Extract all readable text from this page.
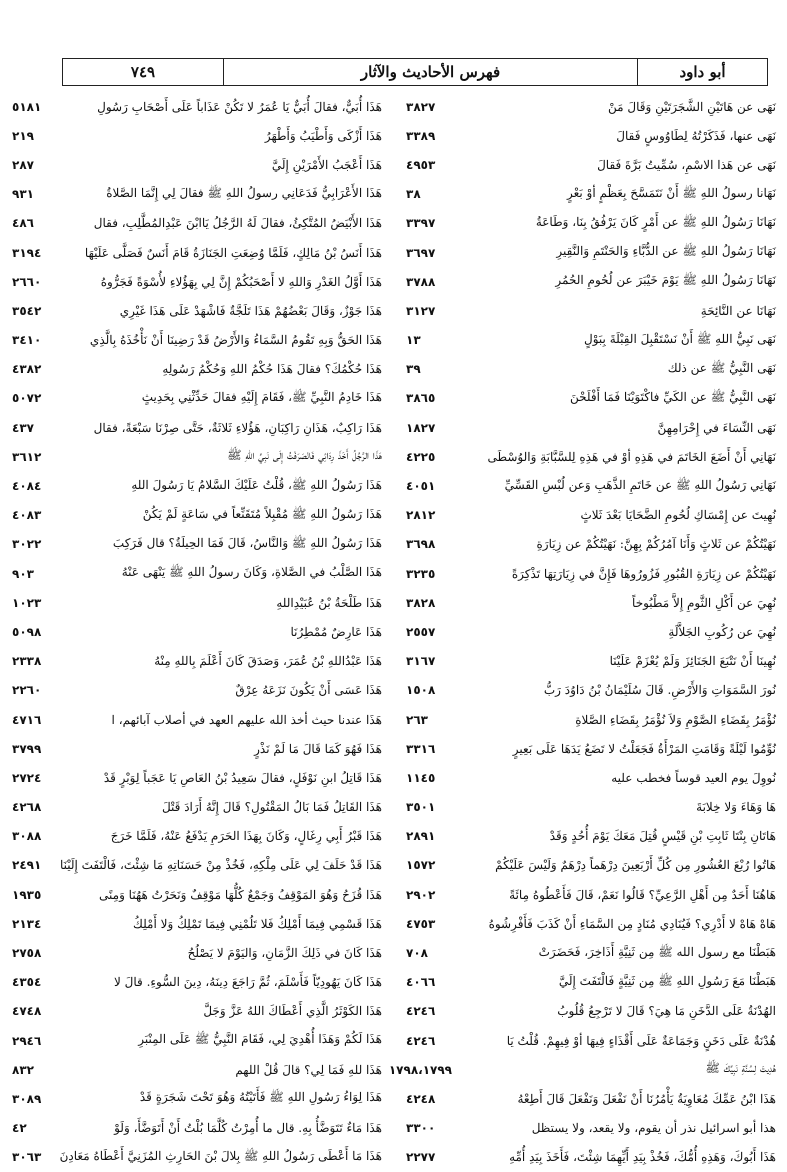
أبو داود
فهرس الأحاديث والآثار
٧٤٩
نَهَى عن هَاتَيْنِ الشَّجَرَتَيْنِ وَقَالَ مَنْ
٣٨٢٧
نَهَى عنها، فَذَكَرْتُهُ لِطَاوُوسٍ فَقالَ
٣٣٨٩
نَهَى عن هَذا الاسْمِ، سُمِّيتُ بَرَّةَ فَقالَ
٤٩٥٣
نَهَانا رسولُ اللهِ ﷺ أَنْ نَتَمَسَّحَ بِعَظْمٍ أوْ بَعْرٍ
٣٨
نَهَانَا رَسُولُ اللهِ ﷺ عن أَمْرٍ كَانَ يَرْفُقُ بِنَا، وَطَاعَةُ
٣٣٩٧
نَهَانَا رَسُولُ اللهِ ﷺ عن الدُّبَّاءِ وَالحَنْتَمِ وَالنَّقِيرِ
٣٦٩٧
نَهَانَا رَسُولُ اللهِ ﷺ يَوْمَ خَيْبَرَ عن لُحُومِ الحُمُرِ
٣٧٨٨
نَهَانَا عن النَّائِحَةِ
٣١٢٧
نَهَى نَبِيُّ اللهِ ﷺ أَنْ نَسْتَقْبِلَ القِبْلَةَ بِبَوْلٍ
١٣
نَهَى النَّبِيُّ ﷺ عن ذلك
٣٩
نَهَى النَّبِيُّ ﷺ عن الكَيِّ فاكْتَوَيْنَا فَمَا أَفْلَحْنَ
٣٨٦٥
نَهَى النِّسَاءَ في إِحْرَامِهِنَّ
١٨٢٧
نَهَانِي أَنْ أَضَعَ الخَاتَمَ في هَذِهِ أوْ في هَذِهِ لِلسَّبَّابَةِ وَالوُسْطَى
٤٢٢٥
نَهَانِي رَسُولُ اللهِ ﷺ عن خَاتَمِ الذَّهَبِ وَعن لُبْسِ القَسِّيِّ
٤٠٥١
نُهِيتَ عن إِمْسَاكِ لُحُومِ الضَّحَايَا بَعْدَ ثَلاثٍ
٢٨١٢
نَهَيْتُكُمْ عن ثَلاثٍ وَأَنَا آمُرُكُمْ بِهِنَّ: نَهَيْتُكُمْ عن زِيَارَةِ
٣٦٩٨
نَهَيْتُكُمْ عن زِيَارَةِ القُبُورِ فَزُورُوهَا فَإِنَّ في زِيَارَتِهَا تَذْكِرَةً
٣٢٣٥
نُهِيَ عن أَكْلِ الثَّومِ إِلاَّ مَطْبُوخاً
٣٨٢٨
نُهِيَ عن رُكُوبِ الجَلاَّلَةِ
٢٥٥٧
نُهِينَا أَنْ نَتْبَعَ الجَنَائِزَ وَلَمْ يُعْزَمْ عَلَيْنَا
٣١٦٧
نُورَ السَّمَوَاتِ وَالأَرْضِ. قَالَ سُلَيْمَانُ بْنُ دَاوُدَ رَبُّ
١٥٠٨
نُؤْمَرُ بِقَضَاءِ الصَّوْمِ وَلاَ نُؤْمَرُ بِقَضَاءِ الصَّلاةِ
٢٦٣
نُوِّمُوا لَيْلَةً وَقَامَتِ المَرْأَةُ فَجَعَلْتُ لا تَضَعُ يَدَهَا عَلَى بَعِيرٍ
٣٣١٦
نُووِلَ يوم العيد قوساً فخطب عليه
١١٤٥
هَا وَهَاءَ وَلا خِلابَةَ
٣٥٠١
هَاتَانِ بِنْتَا ثَابِتِ بْنِ قَيْسٍ قُتِلَ مَعَكَ يَوْمَ أُحُدٍ وَقَدْ
٢٨٩١
هَاتُوا رُبْعَ العُشُورِ مِن كُلِّ أَرْبَعِينَ دِرْهَماً دِرْهَمٌ وَلَيْسَ عَلَيْكُمْ
١٥٧٢
هَاهُنَا أَحَدٌ مِن أَهْلِ الرَّعِيِّ؟ قَالُوا نَعَمْ، قَالَ فَأَعْطُوهُ مِائَةً
٢٩٠٢
هَاهْ هَاهْ لا أَدْرِي؟ فَيُنَادِي مُنَادٍ مِن السَّمَاءِ أَنْ كَذَبَ فَأَفْرِشُوهُ
٤٧٥٣
هَبَطْنَا مع رسول الله ﷺ مِن ثَنِيَّةِ أَذَاخِرَ، فَحَضَرَتْ
٧٠٨
هَبَطْنَا مَعَ رَسُولِ اللهِ ﷺ مِن ثَنِيَّةٍ فَالْتَفَتَ إِلَيَّ
٤٠٦٦
الهُدْنَةُ عَلَى الدَّخَنِ مَا هِيَ؟ قَالَ لا تَرْجِعُ قُلُوبُ
٤٢٤٦
هُدْنَةٌ عَلَى دَخَنٍ وَجَمَاعَةٌ عَلَى أَقْذَاءٍ فِيهَا أوْ فِيهِمْ. قُلْتُ يَا
٤٢٤٦
هُدِيتَ لِسُنَّةِ نَبِيِّكَ ﷺ
١٧٩٨،١٧٩٩
هَذَا ابْنُ عَمِّكَ مُعَاوِيَةُ يَأْمُرُنَا أَنْ نَفْعَلَ وَنَفْعَلَ قَالَ أَطِعْهُ
٤٢٤٨
هذا أبو اسرائيل نذر أن يقوم، ولا يقعد، ولا يستظل
٣٣٠٠
هَذَا أَبُوكَ، وَهَذِهِ أُمُّكَ، فَخُذْ بِيَدِ أَيِّهِمَا شِئْتَ، فَأَخَذَ بِيَدِ أُمِّهِ
٢٢٧٧
هَذَا أُبَيٌّ، فقالَ أُبَيٌّ يَا عُمَرُ لا تَكُنْ عَذَاباً عَلَى أَصْحَابِ رَسُولِ
٥١٨١
هَذَا أَزْكَى وَأَطْيَبُ وَأَطْهَرُ
٢١٩
هَذَا أَعْجَبُ الأَمْرَيْنِ إِلَيَّ
٢٨٧
هَذَا الأَعْرَابِيُّ فَدَعَانِي رسولُ اللهِ ﷺ فقالَ لِي إِنَّمَا الصَّلاةُ
٩٣١
هَذَا الأَبْيَضُ المُتَّكِئُ، فقالَ لَهُ الرَّجُلُ يَاابْنَ عَبْدِالمُطَّلِبِ، فقال
٤٨٦
هَذَا أَنَسُ بْنُ مَالِكٍ، فَلَمَّا وُضِعَتِ الجَنَازَةُ قَامَ أَنَسٌ فَصَلَّى عَلَيْهَا
٣١٩٤
هَذَا أَوَّلُ الغَدْرِ وَاللهِ لا أَصْحَبُكُمْ إِنَّ لِي بِهَؤُلاءِ لأُسْوَةً فَجَرُّوهُ
٢٦٦٠
هَذَا جَوْزٌ، وَقَالَ بَعْضُهُمْ هَذَا تَلَجَّةٌ فَاشْهَدْ عَلَى هَذَا غَيْرِي
٣٥٤٢
هَذَا الحَقُّ وَبِهِ تَقُومُ السَّمَاءُ وَالأَرْضُ قَدْ رَضِينَا أَنْ نَأْخُذَهُ بِالَّذِي
٣٤١٠
هَذَا حُكْمُكَ؟ فقالَ هَذَا حُكْمُ اللهِ وَحُكْمُ رَسُولِهِ
٤٣٨٢
هَذَا خَادِمُ النَّبِيِّ ﷺ، فَقَامَ إِلَيْهِ فقالَ حَدِّثْنِي بِحَدِيثٍ
٥٠٧٢
هَذَا رَاكِبٌ، هَذَانِ رَاكِبَانِ، هَؤُلاءِ ثَلاثَةٌ، حَتَّى صِرْنَا سَبْعَةً، فقال
٤٣٧
هَذَا الرَّجُلُ أَخَذَ رِدَائِي فَانْصَرَفْتُ إِلَى نَبِيِّ اللهِ ﷺ
٣٦١٢
هَذَا رَسُولُ اللهِ ﷺ، قُلْتُ عَلَيْكَ السَّلامُ يَا رَسُولَ اللهِ
٤٠٨٤
هَذَا رَسُولُ اللهِ ﷺ مُقْبِلاً مُتَقَنِّعاً في سَاعَةٍ لَمْ يَكُنْ
٤٠٨٣
هَذَا رَسُولُ اللهِ ﷺ وَالنَّاسُ، قَالَ فَمَا الحِيلَةُ؟ قال فَرَكِبَ
٣٠٢٢
هَذَا الصَّلْبُ في الصَّلاةِ، وَكَانَ رسولُ اللهِ ﷺ يَنْهَى عَنْهُ
٩٠٣
هَذَا طَلْحَةُ بْنُ عُبَيْدِاللهِ
١٠٢٣
هَذَا عَارِضٌ مُمْطِرُنَا
٥٠٩٨
هَذَا عَبْدُاللهِ بْنُ عُمَرَ، وَصَدَقَ كَانَ أَعْلَمَ بِاللهِ مِنْهُ
٢٣٣٨
هَذَا عَسَى أَنْ يَكُونَ نَزَعَهُ عِرْقٌ
٢٢٦٠
هَذَا عندنا حيث أخذ الله عليهم العهد في أصلاب آبائهم، ا
٤٧١٦
هَذَا فَهُوَ كَمَا قَالَ مَا لَمْ نَذْرٍ
٣٧٩٩
هَذَا قَاتِلُ ابنِ نَوْفَلٍ، فقالَ سَعِيدُ بْنُ العَاصِ يَا عَجَباً لِوَبْرٍ قَدْ
٢٧٢٤
هَذَا القَاتِلُ فَمَا بَالُ المَقْتُولِ؟ قَالَ إِنَّهُ أَرَادَ قَتْلَ
٤٢٦٨
هَذَا قَبْرُ أَبِي رِغَالٍ، وَكَانَ بِهَذَا الحَرَمِ يَدْفَعُ عَنْهُ، فَلَمَّا خَرَجَ
٣٠٨٨
هَذَا قَدْ حَلَفَ لِي عَلَى مِلْكِهِ، فَخُذْ مِنْ حَسَنَاتِهِ مَا شِئْتَ، فَالْتَفَتَ إِلَيْنَا
٢٤٩١
هَذَا قُزَحُ وَهُوَ المَوْقِفُ وَجَمْعٌ كُلُّهَا مَوْقِفٌ وَنَحَرْتُ هَهُنَا وَمِنًى
١٩٣٥
هَذَا قَسْمِي فِيمَا أَمْلِكُ فَلا تَلُمْنِي فِيمَا تَمْلِكُ وَلا أَمْلِكُ
٢١٣٤
هَذَا كَانَ في ذَلِكَ الزَّمَانِ، وَاليَوْمَ لا يَصْلُحُ
٢٧٥٨
هَذَا كَانَ يَهُودِيّاً فَأَسْلَمَ، ثُمَّ رَاجَعَ دِينَهُ، دِينَ السُّوءِ. قالَ لا
٤٣٥٤
هَذَا الكَوْثَرُ الَّذِي أَعْطَاكَ اللهُ عَزَّ وَجَلَّ
٤٧٤٨
هَذَا لَكُمْ وَهَذَا أُهْدِيَ لِي، فَقَامَ النَّبِيُّ ﷺ عَلَى المِنْبَرِ
٢٩٤٦
هَذَا للهِ فَمَا لِي؟ قالَ قُلْ اللهم
٨٣٢
هَذَا لِوَاءُ رَسُولِ اللهِ ﷺ فَأَتَيْتُهُ وَهُوَ تَحْتَ شَجَرَةٍ قَدْ
٣٠٨٩
هَذَا مَاءٌ تَتَوَضَّأُ بِهِ. قال ما أُمِرْتُ كُلَّمَا بُلْتُ أَنْ أَتَوَضَّأَ، وَلَوْ
٤٢
هَذَا مَا أَعْطَى رَسُولُ اللهِ ﷺ بِلالَ بْنَ الحَارِثِ المُزَنِيَّ أَعْطَاهُ مَعَادِنَ
٣٠٦٣
